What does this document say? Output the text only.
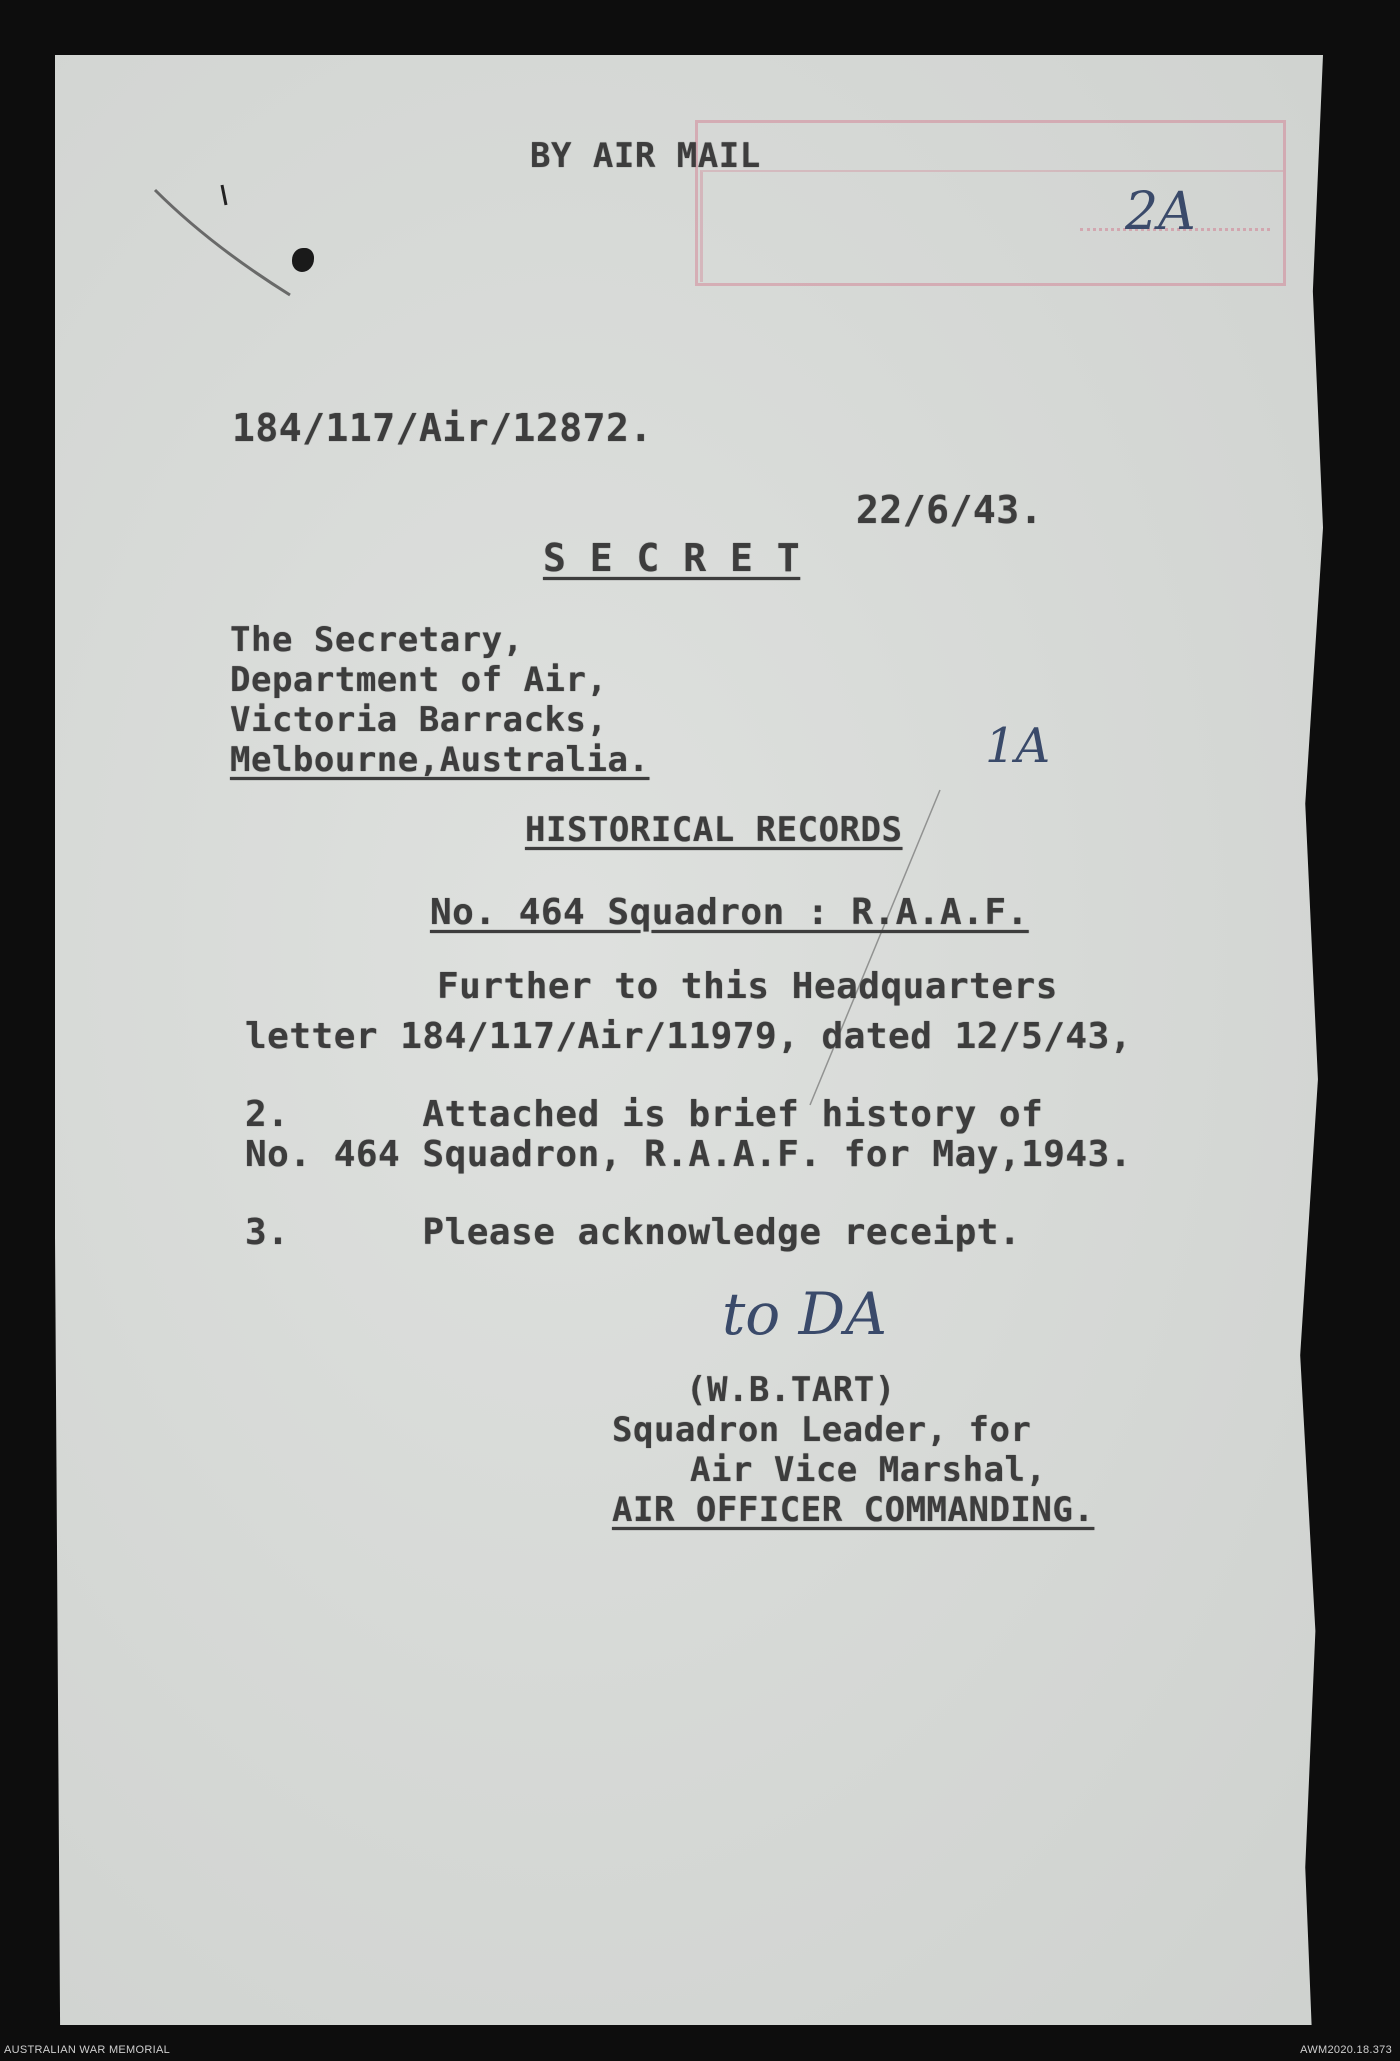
2A
BY AIR MAIL
184/117/Air/12872.
22/6/43.
S E C R E T
The Secretary,
Department of Air,
Victoria Barracks,
Melbourne,Australia.	1A
HISTORICAL RECORDS
No. 464 Squadron : R.A.A.F.
Further to this Headquarters
letter 184/117/Air/11979, dated 12/5/43,
2.      Attached is brief history of
No. 464 Squadron, R.A.A.F. for May,1943.
3.      Please acknowledge receipt.
to DA
(W.B.TART)
Squadron Leader, for
Air Vice Marshal,
AIR OFFICER COMMANDING.
AUSTRALIAN WAR MEMORIAL	AWM2020.18.373
